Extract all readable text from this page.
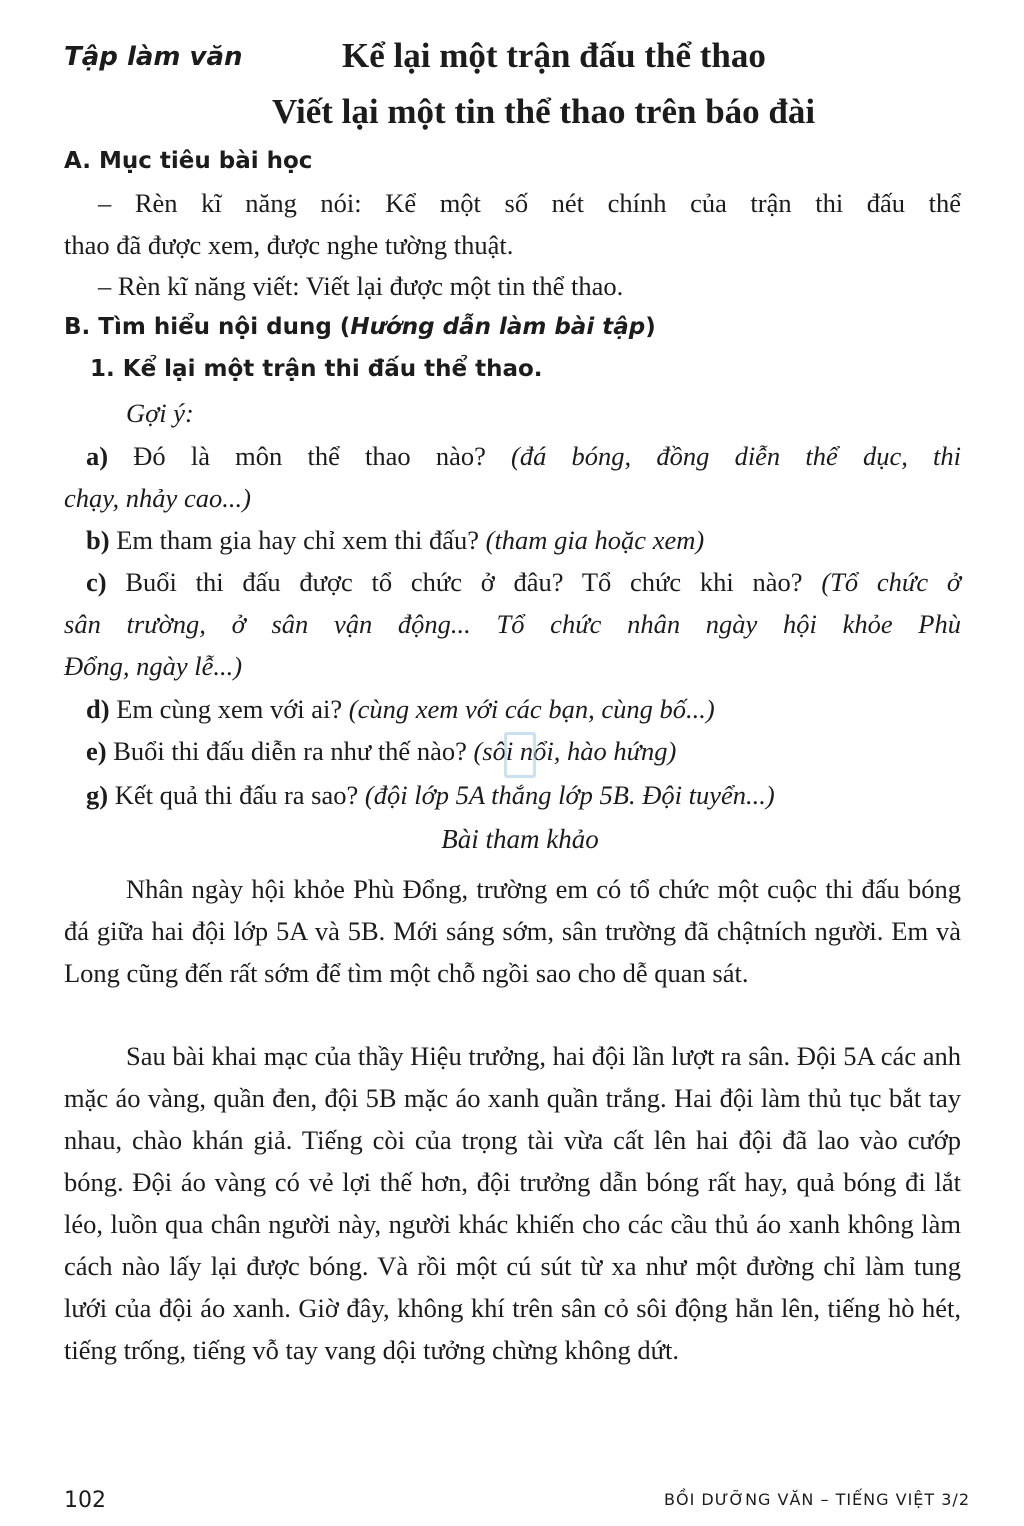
Tập làm văn	Kể lại một trận đấu thể thao
Viết lại một tin thể thao trên báo đài
A. Mục tiêu bài học
– Rèn kĩ năng nói: Kể một số nét chính của trận thi đấu thể
thao đã được xem, được nghe tường thuật.
– Rèn kĩ năng viết: Viết lại được một tin thể thao.
B. Tìm hiểu nội dung (Hướng dẫn làm bài tập)
1. Kể lại một trận thi đấu thể thao.
Gợi ý:
a) Đó là môn thể thao nào? (đá bóng, đồng diễn thể dục, thi
chạy, nhảy cao...)
b) Em tham gia hay chỉ xem thi đấu? (tham gia hoặc xem)
c) Buổi thi đấu được tổ chức ở đâu? Tổ chức khi nào? (Tổ chức ở
sân trường, ở sân vận động... Tổ chức nhân ngày hội khỏe Phù
Đổng, ngày lễ...)
d) Em cùng xem với ai? (cùng xem với các bạn, cùng bố...)
e) Buổi thi đấu diễn ra như thế nào? (sôi nổi, hào hứng)
g) Kết quả thi đấu ra sao? (đội lớp 5A thắng lớp 5B. Đội tuyển...)
Bài tham khảo
Nhân ngày hội khỏe Phù Đổng, trường em có tổ chức một cuộc thi đấu bóng đá giữa hai đội lớp 5A và 5B. Mới sáng sớm, sân trường đã chậtních người. Em và Long cũng đến rất sớm để tìm một chỗ ngồi sao cho dễ quan sát.
Sau bài khai mạc của thầy Hiệu trưởng, hai đội lần lượt ra sân. Đội 5A các anh mặc áo vàng, quần đen, đội 5B mặc áo xanh quần trắng. Hai đội làm thủ tục bắt tay nhau, chào khán giả. Tiếng còi của trọng tài vừa cất lên hai đội đã lao vào cướp bóng. Đội áo vàng có vẻ lợi thế hơn, đội trưởng dẫn bóng rất hay, quả bóng đi lắt léo, luồn qua chân người này, người khác khiến cho các cầu thủ áo xanh không làm cách nào lấy lại được bóng. Và rồi một cú sút từ xa như một đường chỉ làm tung lưới của đội áo xanh. Giờ đây, không khí trên sân cỏ sôi động hẳn lên, tiếng hò hét, tiếng trống, tiếng vỗ tay vang dội tưởng chừng không dứt.
102	BỒI DƯỠNG VĂN – TIẾNG VIỆT 3/2
